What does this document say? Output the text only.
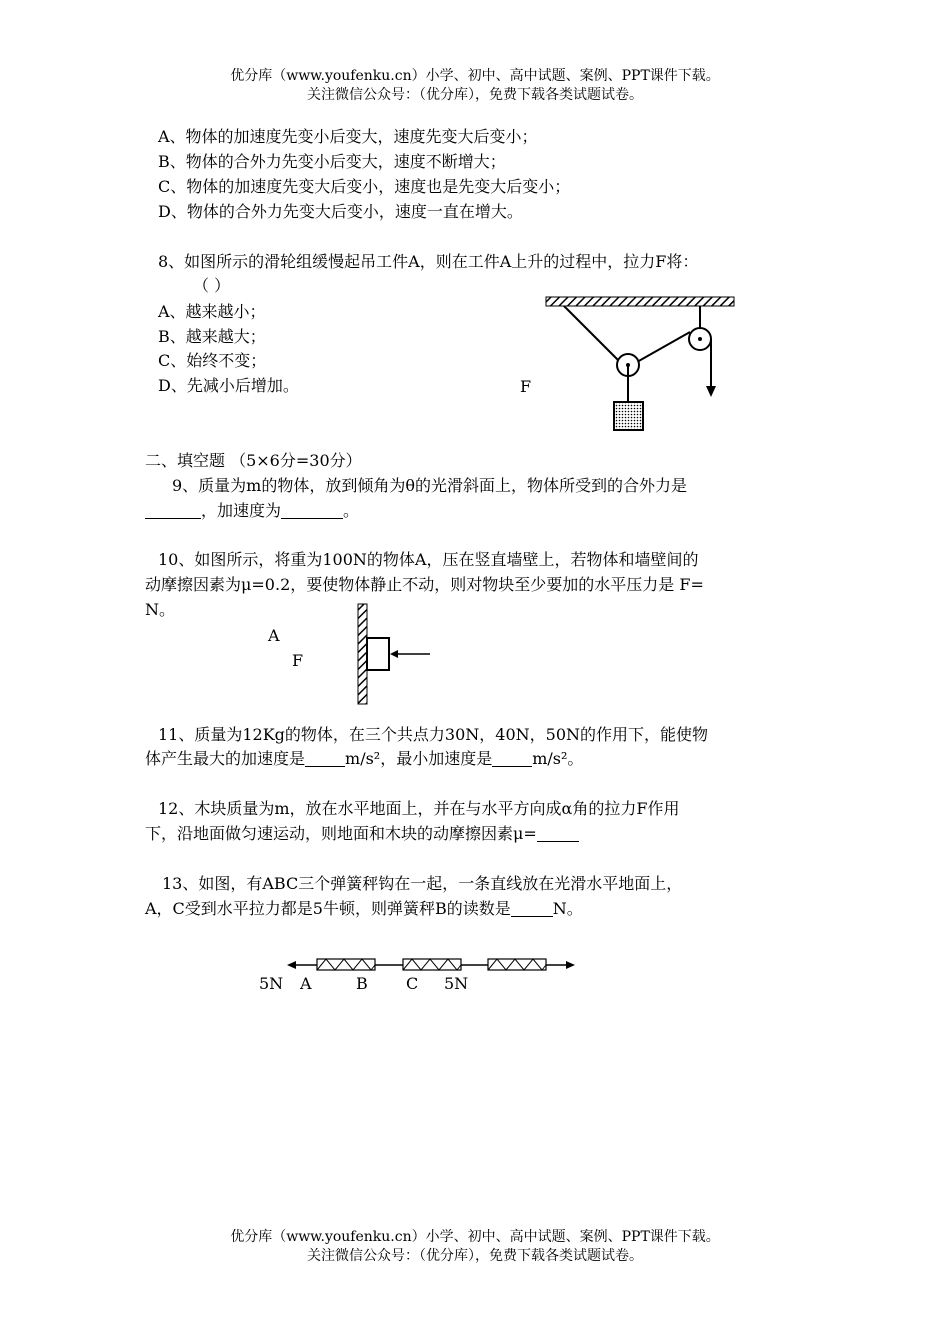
优分库（www.youfenku.cn）小学、初中、高中试题、案例、PPT课件下载。
关注微信公众号：（优分库），免费下载各类试题试卷。
A、物体的加速度先变小后变大，速度先变大后变小；
B、物体的合外力先变小后变大，速度不断增大；
C、物体的加速度先变大后变小，速度也是先变大后变小；
D、物体的合外力先变大后变小，速度一直在增大。
8、如图所示的滑轮组缓慢起吊工件A，则在工件A上升的过程中，拉力F将：
（ ）
A、越来越小；
B、越来越大；
C、始终不变；
D、先减小后增加。	F
二、填空题 （5×6分=30分）
9、质量为m的物体，放到倾角为θ的光滑斜面上，物体所受到的合外力是
，加速度为	。
10、如图所示，将重为100N的物体A，压在竖直墙壁上，若物体和墙壁间的
动摩擦因素为μ=0.2，要使物体静止不动，则对物块至少要加的水平压力是 F=
N。
A
F
11、质量为12Kg的物体，在三个共点力30N，40N，50N的作用下，能使物
体产生最大的加速度是	m/s²，最小加速度是	m/s²。
12、木块质量为m，放在水平地面上，并在与水平方向成α角的拉力F作用
下，沿地面做匀速运动，则地面和木块的动摩擦因素μ=
13、如图，有ABC三个弹簧秤钩在一起，一条直线放在光滑水平地面上，
A，C受到水平拉力都是5牛顿，则弹簧秤B的读数是	N。
5N A	B C 5N
优分库（www.youfenku.cn）小学、初中、高中试题、案例、PPT课件下载。
关注微信公众号：（优分库），免费下载各类试题试卷。
